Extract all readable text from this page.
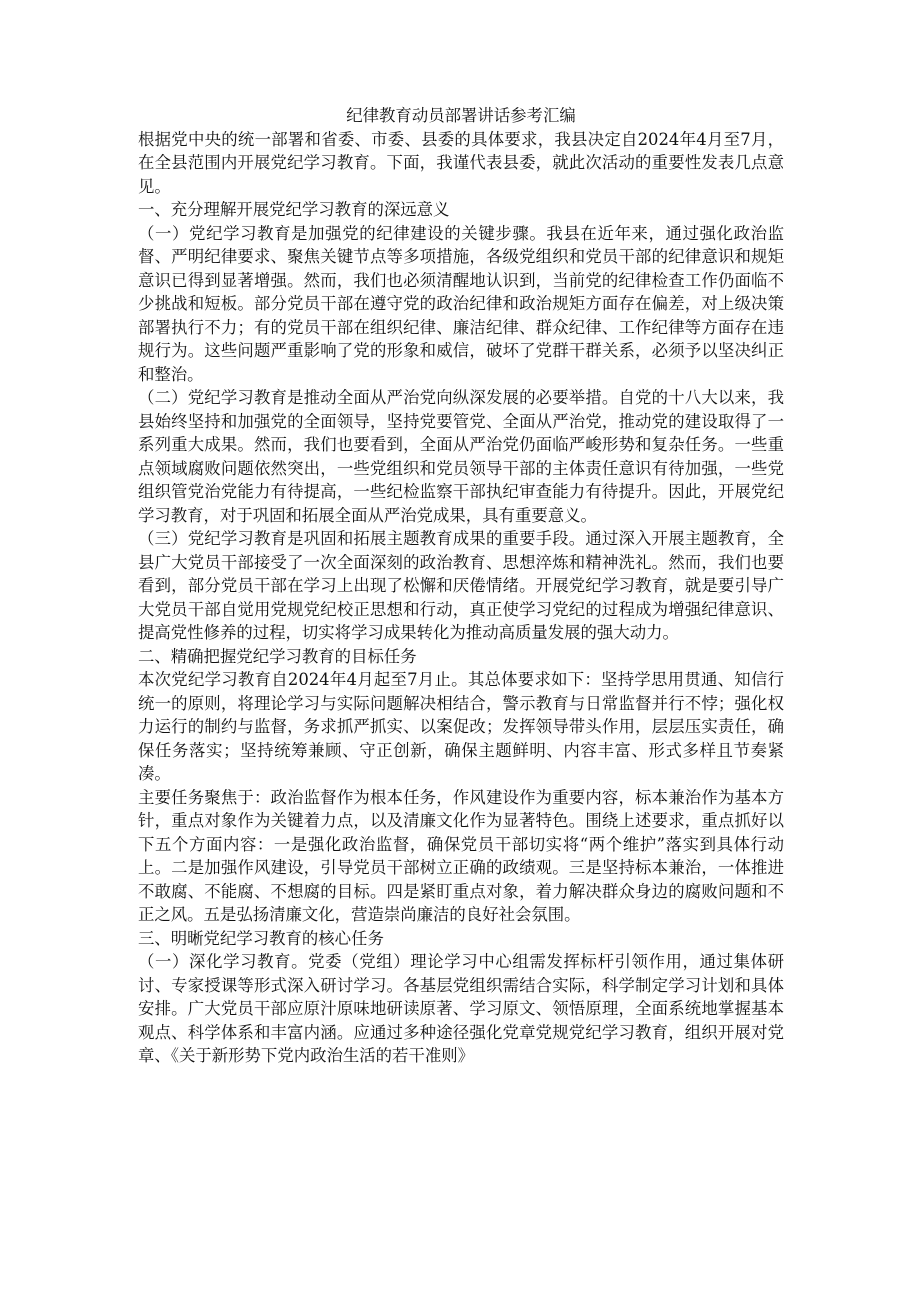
纪律教育动员部署讲话参考汇编

根据党中央的统一部署和省委、市委、县委的具体要求，我县决定自2024年4月至7月，在全县范围内开展党纪学习教育。下面，我谨代表县委，就此次活动的重要性发表几点意见。

一、充分理解开展党纪学习教育的深远意义

（一）党纪学习教育是加强党的纪律建设的关键步骤。我县在近年来，通过强化政治监督、严明纪律要求、聚焦关键节点等多项措施，各级党组织和党员干部的纪律意识和规矩意识已得到显著增强。然而，我们也必须清醒地认识到，当前党的纪律检查工作仍面临不少挑战和短板。部分党员干部在遵守党的政治纪律和政治规矩方面存在偏差，对上级决策部署执行不力；有的党员干部在组织纪律、廉洁纪律、群众纪律、工作纪律等方面存在违规行为。这些问题严重影响了党的形象和威信，破坏了党群干群关系，必须予以坚决纠正和整治。

（二）党纪学习教育是推动全面从严治党向纵深发展的必要举措。自党的十八大以来，我县始终坚持和加强党的全面领导，坚持党要管党、全面从严治党，推动党的建设取得了一系列重大成果。然而，我们也要看到，全面从严治党仍面临严峻形势和复杂任务。一些重点领域腐败问题依然突出，一些党组织和党员领导干部的主体责任意识有待加强，一些党组织管党治党能力有待提高，一些纪检监察干部执纪审查能力有待提升。因此，开展党纪学习教育，对于巩固和拓展全面从严治党成果，具有重要意义。

（三）党纪学习教育是巩固和拓展主题教育成果的重要手段。通过深入开展主题教育，全县广大党员干部接受了一次全面深刻的政治教育、思想淬炼和精神洗礼。然而，我们也要看到，部分党员干部在学习上出现了松懈和厌倦情绪。开展党纪学习教育，就是要引导广大党员干部自觉用党规党纪校正思想和行动，真正使学习党纪的过程成为增强纪律意识、提高党性修养的过程，切实将学习成果转化为推动高质量发展的强大动力。

二、精确把握党纪学习教育的目标任务

本次党纪学习教育自2024年4月起至7月止。其总体要求如下：坚持学思用贯通、知信行统一的原则，将理论学习与实际问题解决相结合，警示教育与日常监督并行不悖；强化权力运行的制约与监督，务求抓严抓实、以案促改；发挥领导带头作用，层层压实责任，确保任务落实；坚持统筹兼顾、守正创新，确保主题鲜明、内容丰富、形式多样且节奏紧凑。

主要任务聚焦于：政治监督作为根本任务，作风建设作为重要内容，标本兼治作为基本方针，重点对象作为关键着力点，以及清廉文化作为显著特色。围绕上述要求，重点抓好以下五个方面内容：一是强化政治监督，确保党员干部切实将“两个维护”落实到具体行动上。二是加强作风建设，引导党员干部树立正确的政绩观。三是坚持标本兼治，一体推进不敢腐、不能腐、不想腐的目标。四是紧盯重点对象，着力解决群众身边的腐败问题和不正之风。五是弘扬清廉文化，营造崇尚廉洁的良好社会氛围。

三、明晰党纪学习教育的核心任务

（一）深化学习教育。党委（党组）理论学习中心组需发挥标杆引领作用，通过集体研讨、专家授课等形式深入研讨学习。各基层党组织需结合实际，科学制定学习计划和具体安排。广大党员干部应原汁原味地研读原著、学习原文、领悟原理，全面系统地掌握基本观点、科学体系和丰富内涵。应通过多种途径强化党章党规党纪学习教育，组织开展对党章、《关于新形势下党内政治生活的若干准则》
